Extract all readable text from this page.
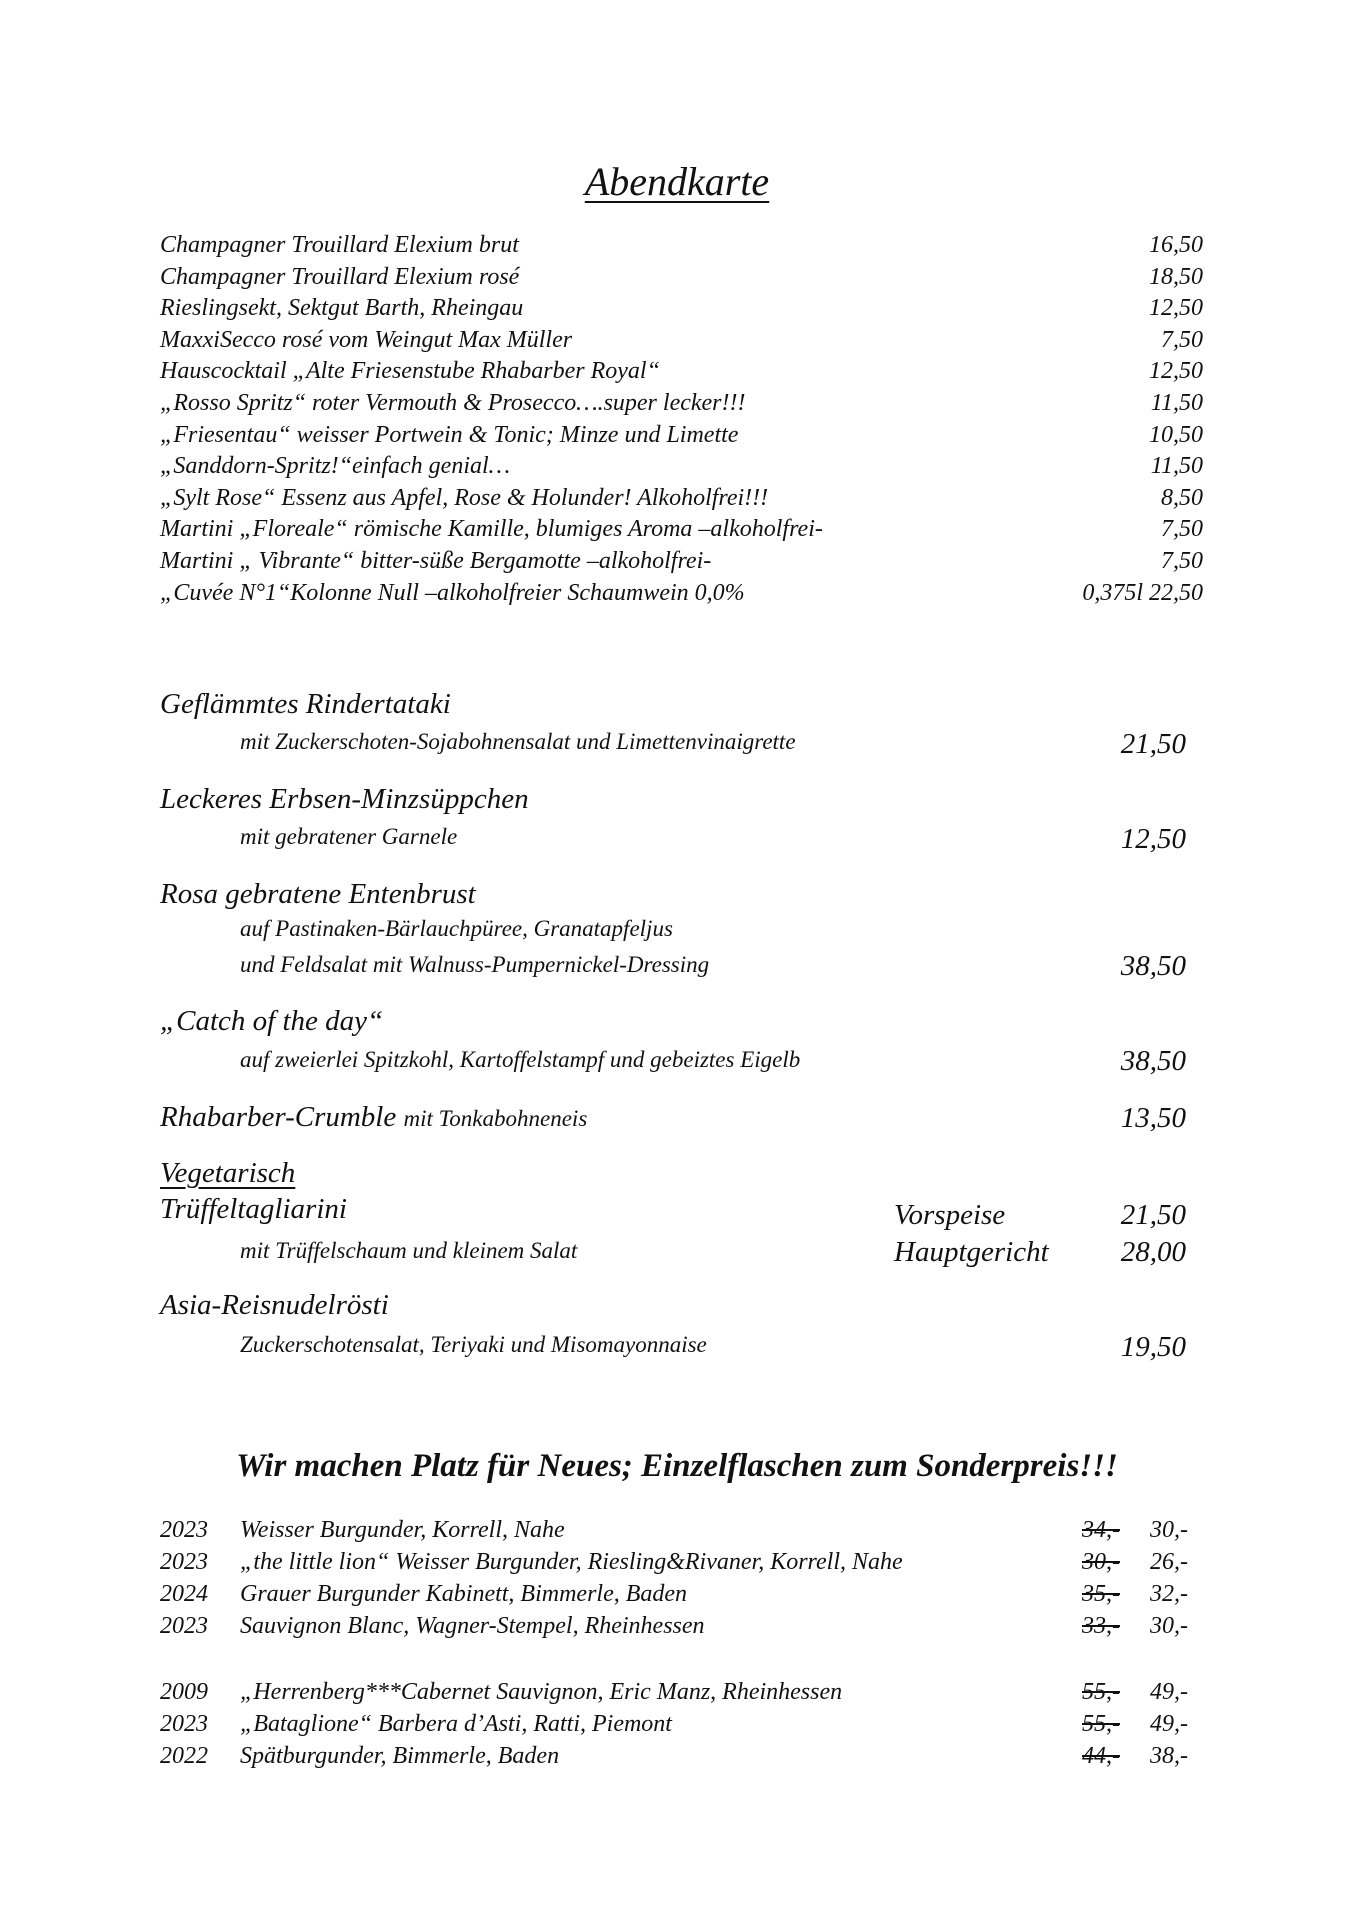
Abendkarte
Champagner Trouillard Elexium brut	16,50
Champagner Trouillard Elexium rosé	18,50
Rieslingsekt, Sektgut Barth, Rheingau	12,50
MaxxiSecco rosé vom Weingut Max Müller	7,50
Hauscocktail „Alte Friesenstube Rhabarber Royal“	12,50
„Rosso Spritz“ roter Vermouth & Prosecco….super lecker!!!	11,50
„Friesentau“ weisser Portwein & Tonic; Minze und Limette	10,50
„Sanddorn-Spritz!“einfach genial…	11,50
„Sylt Rose“ Essenz aus Apfel, Rose & Holunder! Alkoholfrei!!!	8,50
Martini „Floreale“ römische Kamille, blumiges Aroma –alkoholfrei-	7,50
Martini „ Vibrante“ bitter-süße Bergamotte –alkoholfrei-	7,50
„Cuvée N°1“Kolonne Null –alkoholfreier Schaumwein 0,0%	0,375l 22,50
Geflämmtes Rindertataki
mit Zuckerschoten-Sojabohnensalat und Limettenvinaigrette	21,50
Leckeres Erbsen-Minzsüppchen
mit gebratener Garnele	12,50
Rosa gebratene Entenbrust
auf Pastinaken-Bärlauchpüree, Granatapfeljus
und Feldsalat mit Walnuss-Pumpernickel-Dressing	38,50
„Catch of the day“
auf zweierlei Spitzkohl, Kartoffelstampf und gebeiztes Eigelb	38,50
Rhabarber-Crumble mit Tonkabohneneis	13,50
Vegetarisch
Trüffeltagliarini	Vorspeise	21,50
mit Trüffelschaum und kleinem Salat	Hauptgericht 28,00
Asia-Reisnudelrösti
Zuckerschotensalat, Teriyaki und Misomayonnaise	19,50
Wir machen Platz für Neues; Einzelflaschen zum Sonderpreis!!!
2023 Weisser Burgunder, Korrell, Nahe	34,- 30,-
2023 „the little lion“ Weisser Burgunder, Riesling&Rivaner, Korrell, Nahe	30,- 26,-
2024 Grauer Burgunder Kabinett, Bimmerle, Baden	35,- 32,-
2023 Sauvignon Blanc, Wagner-Stempel, Rheinhessen	33,- 30,-
2009 „Herrenberg***Cabernet Sauvignon, Eric Manz, Rheinhessen	55,- 49,-
2023 „Bataglione“ Barbera d’Asti, Ratti, Piemont	55,- 49,-
2022 Spätburgunder, Bimmerle, Baden	44,- 38,-
